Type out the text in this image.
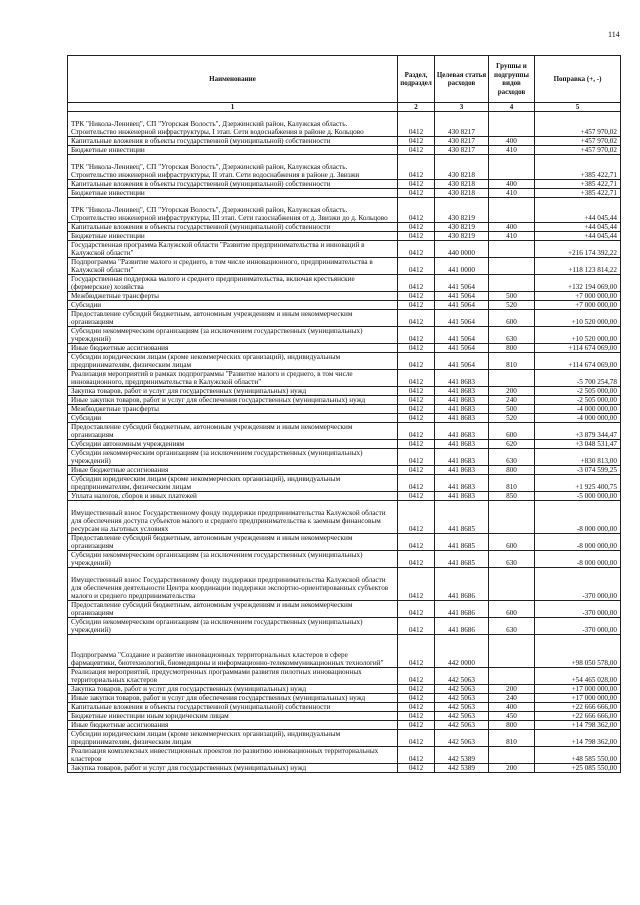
114
Наименование	Раздел, подраздел	Целевая статья расходов	Группы и подгруппы видов расходов	Поправка (+, -)
1	2	3	4	5
ТРК "Никола-Ленивец", СП "Угорская Волость", Дзержинский район, Калужская область. Строительство инженерной инфраструктуры, I этап. Сети водоснабжения в районе д. Кольцово	0412	430 8217		+457 970,02
Капитальные вложения в объекты государственной (муниципальной) собственности	0412	430 8217	400	+457 970,02
Бюджетные инвестиции	0412	430 8217	410	+457 970,02
ТРК "Никола-Ленивец", СП "Угорская Волость", Дзержинский район, Калужская область. Строительство инженерной инфраструктуры, II этап. Сети водоснабжения в районе д. Звизжи	0412	430 8218		+385 422,71
Капитальные вложения в объекты государственной (муниципальной) собственности	0412	430 8218	400	+385 422,71
Бюджетные инвестиции	0412	430 8218	410	+385 422,71
ТРК "Никола-Ленивец", СП "Угорская Волость", Дзержинский район, Калужская область. Строительство инженерной инфраструктуры, III этап. Сети газоснабжения от д. Звизжи до д. Кольцово	0412	430 8219		+44 045,44
Капитальные вложения в объекты государственной (муниципальной) собственности	0412	430 8219	400	+44 045,44
Бюджетные инвестиции	0412	430 8219	410	+44 045,44
Государственная программа Калужской области "Развитие предпринимательства и инноваций в Калужской области"	0412	440 0000		+216 174 392,22
Подпрограмма "Развитие малого и среднего, в том числе инновационного, предпринимательства в Калужской области"	0412	441 0000		+118 123 814,22
Государственная поддержка малого и среднего предпринимательства, включая крестьянские (фермерские) хозяйства	0412	441 5064		+132 194 069,00
Межбюджетные трансферты	0412	441 5064	500	+7 000 000,00
Субсидии	0412	441 5064	520	+7 000 000,00
Предоставление субсидий бюджетным, автономным учреждениям и иным некоммерческим организациям	0412	441 5064	600	+10 520 000,00
Субсидии некоммерческим организациям (за исключением государственных (муниципальных) учреждений)	0412	441 5064	630	+10 520 000,00
Иные бюджетные ассигнования	0412	441 5064	800	+114 674 069,00
Субсидии юридическим лицам (кроме некоммерческих организаций), индивидуальным предпринимателям, физическим лицам	0412	441 5064	810	+114 674 069,00
Реализация мероприятий в рамках подпрограммы "Развитие малого и среднего, в том числе инновационного, предпринимательства в Калужской области"	0412	441 8683		-5 700 254,78
Закупка товаров, работ и услуг для государственных (муниципальных) нужд	0412	441 8683	200	-2 505 000,00
Иные закупки товаров, работ и услуг для обеспечения государственных (муниципальных) нужд	0412	441 8683	240	-2 505 000,00
Межбюджетные трансферты	0412	441 8683	500	-4 000 000,00
Субсидии	0412	441 8683	520	-4 000 000,00
Предоставление субсидий бюджетным, автономным учреждениям и иным некоммерческим организациям	0412	441 8683	600	+3 879 344,47
Субсидии автономным учреждениям	0412	441 8683	620	+3 048 531,47
Субсидии некоммерческим организациям (за исключением государственных (муниципальных) учреждений)	0412	441 8683	630	+830 813,00
Иные бюджетные ассигнования	0412	441 8683	800	-3 074 599,25
Субсидии юридическим лицам (кроме некоммерческих организаций), индивидуальным предпринимателям, физическим лицам	0412	441 8683	810	+1 925 400,75
Уплата налогов, сборов и иных платежей	0412	441 8683	850	-5 000 000,00
Имущественный взнос Государственному фонду поддержки предпринимательства Калужской области для обеспечения доступа субъектов малого и среднего предпринимательства к заемным финансовым ресурсам на льготных условиях	0412	441 8685		-8 000 000,00
Предоставление субсидий бюджетным, автономным учреждениям и иным некоммерческим организациям	0412	441 8685	600	-8 000 000,00
Субсидии некоммерческим организациям (за исключением государственных (муниципальных) учреждений)	0412	441 8685	630	-8 000 000,00
Имущественный взнос Государственному фонду поддержки предпринимательства Калужской области для обеспечения деятельности Центра координации поддержки экспортно-ориентированных субъектов малого и среднего предпринимательства	0412	441 8686		-370 000,00
Предоставление субсидий бюджетным, автономным учреждениям и иным некоммерческим организациям	0412	441 8686	600	-370 000,00
Субсидии некоммерческим организациям (за исключением государственных (муниципальных) учреждений)	0412	441 8686	630	-370 000,00
Подпрограмма "Создание и развитие инновационных территориальных кластеров в сфере фармацевтики, биотехнологий, биомедицины и информационно-телекоммуникационных технологий"	0412	442 0000		+98 050 578,00
Реализация мероприятий, предусмотренных программами развития пилотных инновационных территориальных кластеров	0412	442 5063		+54 465 028,00
Закупка товаров, работ и услуг для государственных (муниципальных) нужд	0412	442 5063	200	+17 000 000,00
Иные закупки товаров, работ и услуг для обеспечения государственных (муниципальных) нужд	0412	442 5063	240	+17 000 000,00
Капитальные вложения в объекты государственной (муниципальной) собственности	0412	442 5063	400	+22 666 666,00
Бюджетные инвестиции иным юридическим лицам	0412	442 5063	450	+22 666 666,00
Иные бюджетные ассигнования	0412	442 5063	800	+14 798 362,00
Субсидии юридическим лицам (кроме некоммерческих организаций), индивидуальным предпринимателям, физическим лицам	0412	442 5063	810	+14 798 362,00
Реализация комплексных инвестиционных проектов по развитию инновационных территориальных кластеров	0412	442 5389		+48 585 550,00
Закупка товаров, работ и услуг для государственных (муниципальных) нужд	0412	442 5389	200	+25 085 550,00
